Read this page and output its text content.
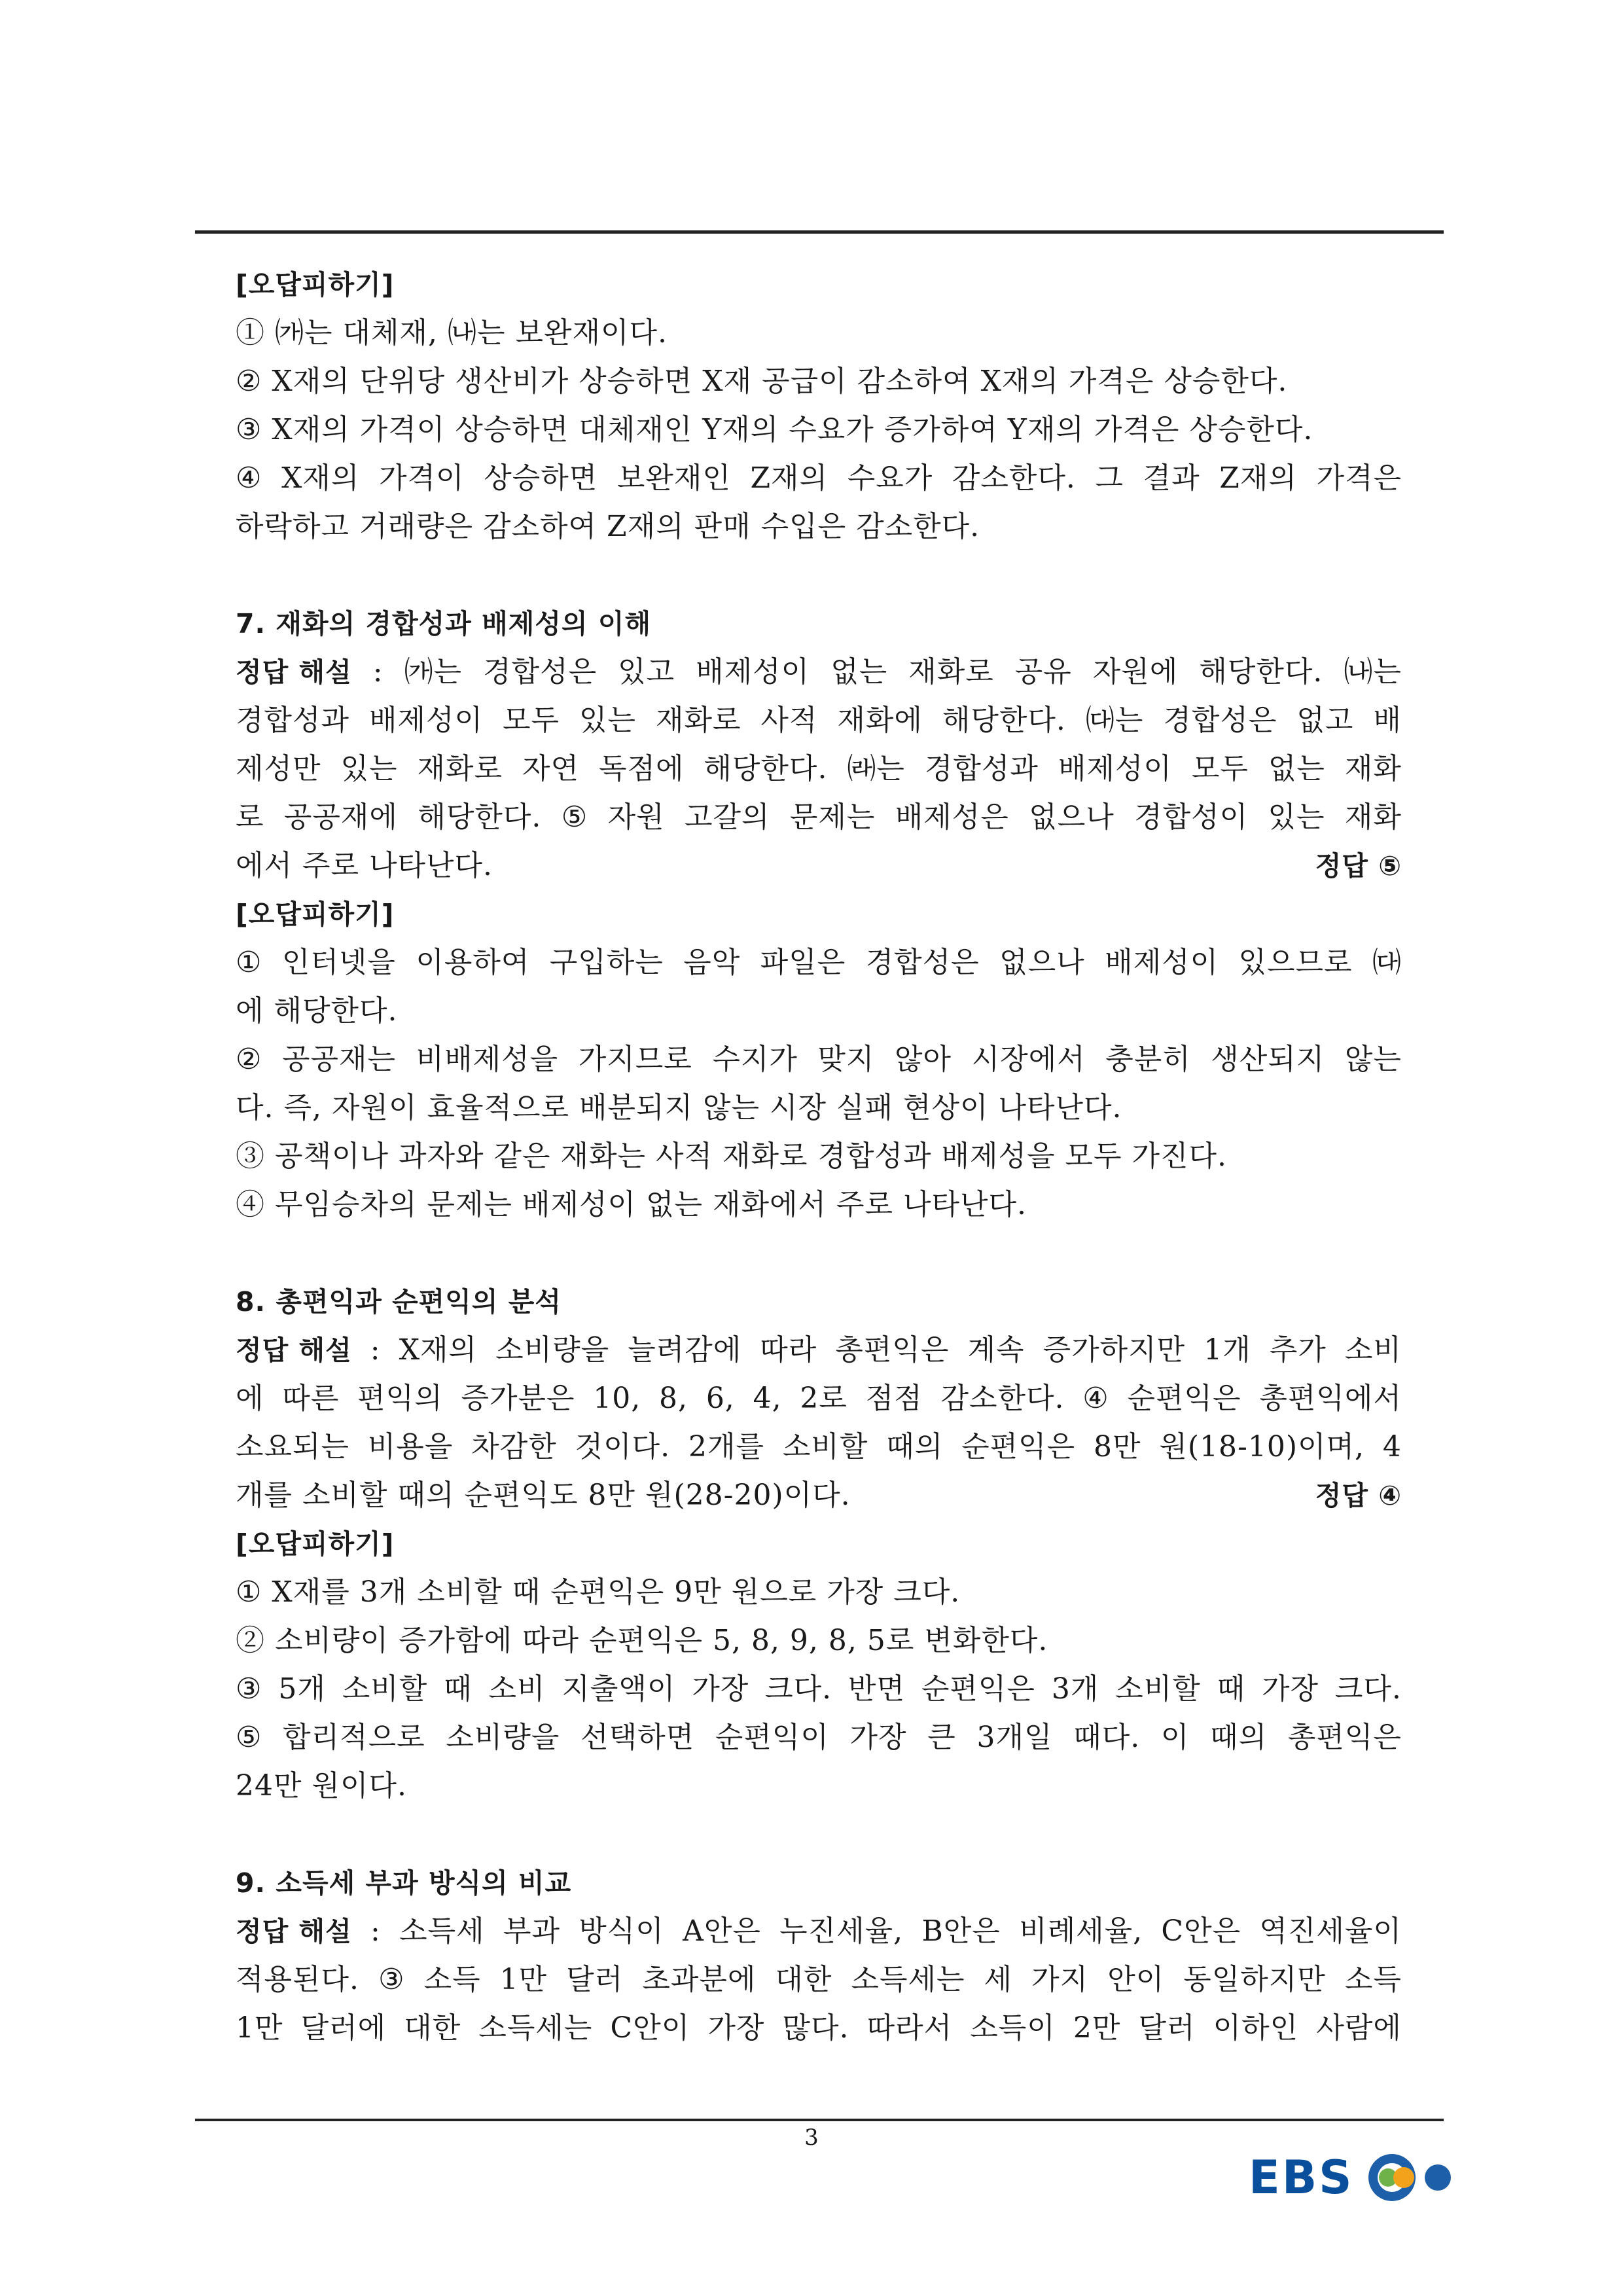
[오답피하기]
① ㈎는 대체재, ㈏는 보완재이다.
② X재의 단위당 생산비가 상승하면 X재 공급이 감소하여 X재의 가격은 상승한다.
③ X재의 가격이 상승하면 대체재인 Y재의 수요가 증가하여 Y재의 가격은 상승한다.
④ X재의 가격이 상승하면 보완재인 Z재의 수요가 감소한다. 그 결과 Z재의 가격은
하락하고 거래량은 감소하여 Z재의 판매 수입은 감소한다.
7. 재화의 경합성과 배제성의 이해
정답 해설 : ㈎는 경합성은 있고 배제성이 없는 재화로 공유 자원에 해당한다. ㈏는
경합성과 배제성이 모두 있는 재화로 사적 재화에 해당한다. ㈐는 경합성은 없고 배
제성만 있는 재화로 자연 독점에 해당한다. ㈑는 경합성과 배제성이 모두 없는 재화
로 공공재에 해당한다. ⑤ 자원 고갈의 문제는 배제성은 없으나 경합성이 있는 재화
에서 주로 나타난다.	정답 ⑤
[오답피하기]
① 인터넷을 이용하여 구입하는 음악 파일은 경합성은 없으나 배제성이 있으므로 ㈐
에 해당한다.
② 공공재는 비배제성을 가지므로 수지가 맞지 않아 시장에서 충분히 생산되지 않는
다. 즉, 자원이 효율적으로 배분되지 않는 시장 실패 현상이 나타난다.
③ 공책이나 과자와 같은 재화는 사적 재화로 경합성과 배제성을 모두 가진다.
④ 무임승차의 문제는 배제성이 없는 재화에서 주로 나타난다.
8. 총편익과 순편익의 분석
정답 해설 : X재의 소비량을 늘려감에 따라 총편익은 계속 증가하지만 1개 추가 소비
에 따른 편익의 증가분은 10, 8, 6, 4, 2로 점점 감소한다. ④ 순편익은 총편익에서
소요되는 비용을 차감한 것이다. 2개를 소비할 때의 순편익은 8만 원(18-10)이며, 4
개를 소비할 때의 순편익도 8만 원(28-20)이다.	정답 ④
[오답피하기]
① X재를 3개 소비할 때 순편익은 9만 원으로 가장 크다.
② 소비량이 증가함에 따라 순편익은 5, 8, 9, 8, 5로 변화한다.
③ 5개 소비할 때 소비 지출액이 가장 크다. 반면 순편익은 3개 소비할 때 가장 크다.
⑤ 합리적으로 소비량을 선택하면 순편익이 가장 큰 3개일 때다. 이 때의 총편익은
24만 원이다.
9. 소득세 부과 방식의 비교
정답 해설 : 소득세 부과 방식이 A안은 누진세율, B안은 비례세율, C안은 역진세율이
적용된다. ③ 소득 1만 달러 초과분에 대한 소득세는 세 가지 안이 동일하지만 소득
1만 달러에 대한 소득세는 C안이 가장 많다. 따라서 소득이 2만 달러 이하인 사람에
3
EBS
